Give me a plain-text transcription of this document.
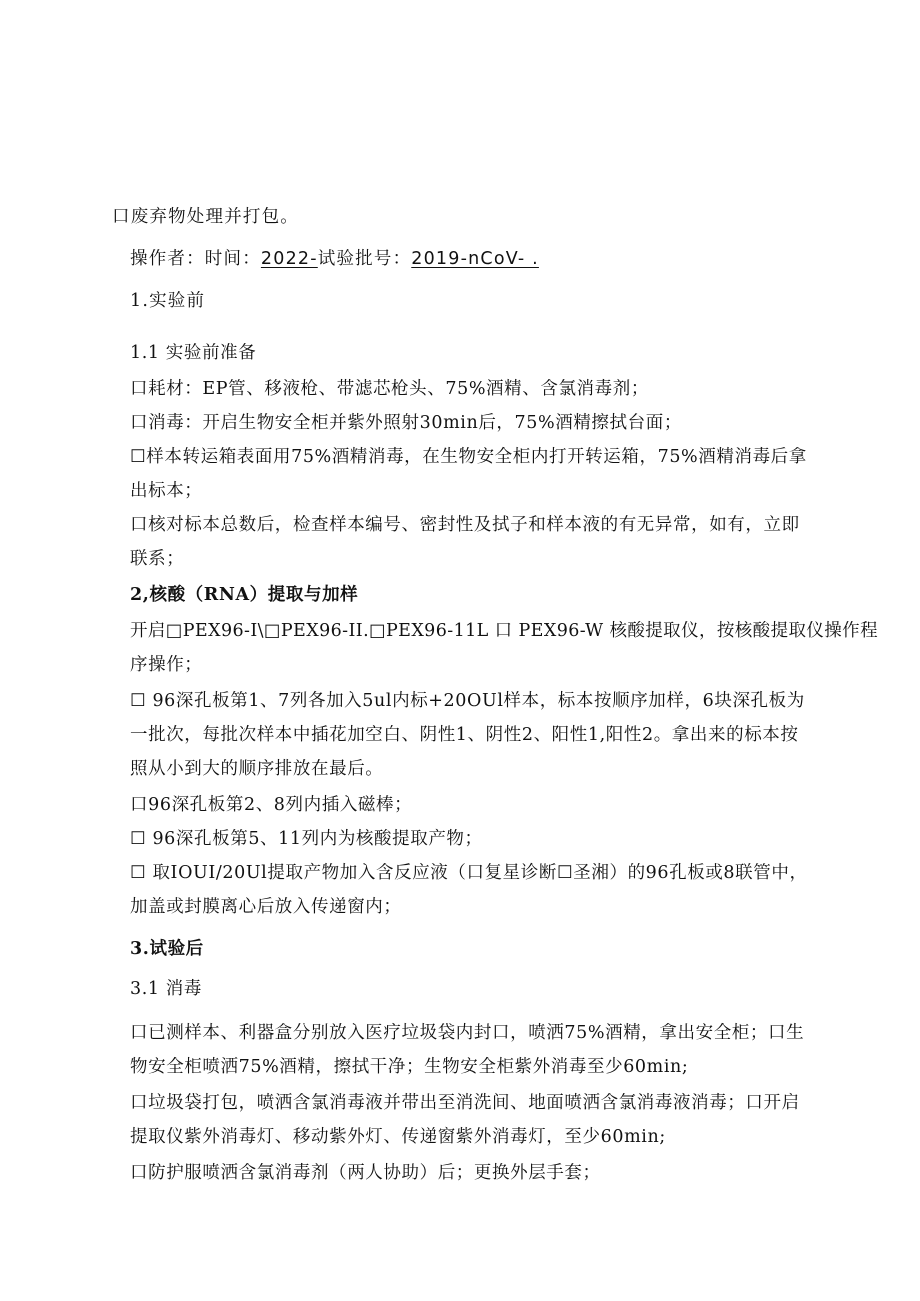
口废弃物处理并打包。
操作者：时间：2022-试验批号：2019-nCoV- .
1.实验前
1.1 实验前准备
口耗材：EP管、移液枪、带滤芯枪头、75%酒精、含氯消毒剂；
口消毒：开启生物安全柜并紫外照射30min后，75%酒精擦拭台面；
☐样本转运箱表面用75%酒精消毒，在生物安全柜内打开转运箱，75%酒精消毒后拿
出标本；
口核对标本总数后，检查样本编号、密封性及拭子和样本液的有无异常，如有，立即
联系；
2,核酸（RNA）提取与加样
开启□PEX96-I\□PEX96-II.□PEX96-11L 口 PEX96-W 核酸提取仪，按核酸提取仪操作程
序操作；
☐ 96深孔板第1、7列各加入5ul内标+20OUl样本，标本按顺序加样，6块深孔板为
一批次，每批次样本中插花加空白、阴性1、阴性2、阳性1,阳性2。拿出来的标本按
照从小到大的顺序排放在最后。
口96深孔板第2、8列内插入磁棒；
☐ 96深孔板第5、11列内为核酸提取产物；
☐ 取IOUI/20Ul提取产物加入含反应液（口复星诊断☐圣湘）的96孔板或8联管中，
加盖或封膜离心后放入传递窗内；
3.试验后
3.1 消毒
口已测样本、利器盒分别放入医疗垃圾袋内封口，喷洒75%酒精，拿出安全柜；口生
物安全柜喷洒75%酒精，擦拭干净；生物安全柜紫外消毒至少60min;
口垃圾袋打包，喷洒含氯消毒液并带出至消洗间、地面喷洒含氯消毒液消毒；口开启
提取仪紫外消毒灯、移动紫外灯、传递窗紫外消毒灯，至少60min;
口防护服喷洒含氯消毒剂（两人协助）后；更换外层手套；
